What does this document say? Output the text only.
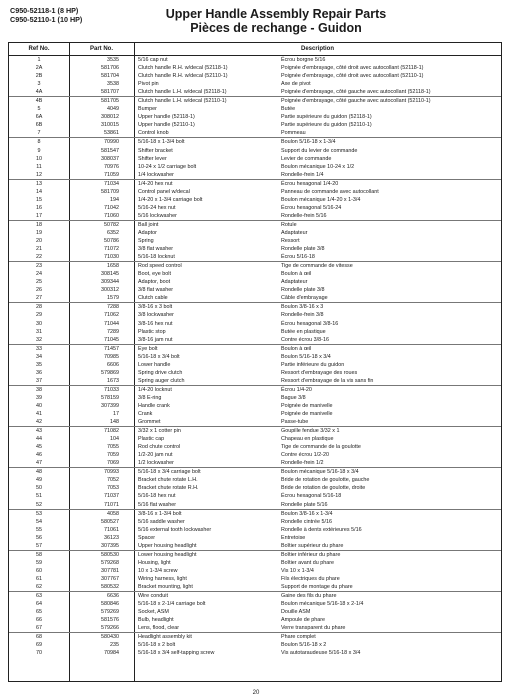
C950-52118-1 (8 HP)
C950-52110-1 (10 HP)	Upper Handle Assembly Repair Parts
Pièces de rechange - Guidon
Ref No.	Part No.	Description
1	3535	5/16 cap nut	Écrou borgne 5/16
2A	581706	Clutch handle R.H. w/decal (52118-1)	Poignée d'embrayage, côté droit avec autocollant (52118-1)
2B	581704	Clutch handle R.H. w/decal (52110-1)	Poignée d'embrayage, côté droit avec autocollant (52110-1)
3	3538	Pivot pin	Axe de pivot
4A	581707	Clutch handle L.H. w/decal (52118-1)	Poignée d'embrayage, côté gauche avec autocollant (52118-1)
4B	581705	Clutch handle L.H. w/decal (52110-1)	Poignée d'embrayage, côté gauche avec autocollant (52110-1)
5	4049	Bumper	Butée
6A	308012	Upper handle (52118-1)	Partie supérieure du guidon (52118-1)
6B	310015	Upper handle (52110-1)	Partie supérieure du guidon (52110-1)
7	53861	Control knob	Pommeau
8	70990	5/16-18 x 1-3/4 bolt	Boulon 5/16-18 x 1-3/4
9	581547	Shifter bracket	Support du levier de commande
10	308037	Shifter lever	Levier de commande
11	70976	10-24 x 1/2 carriage bolt	Boulon mécanique 10-24 x 1/2
12	71059	1/4 lockwasher	Rondelle-frein 1/4
13	71034	1/4-20 hex nut	Écrou hexagonal 1/4-20
14	581709	Control panel w/decal	Panneau de commande avec autocollant
15	194	1/4-20 x 1-3/4 carriage bolt	Boulon mécanique 1/4-20 x 1-3/4
16	71042	5/16-24 hex nut	Écrou hexagonal 5/16-24
17	71060	5/16 lockwasher	Rondelle-frein 5/16
18	50782	Ball joint	Rotule
19	6352	Adaptor	Adaptateur
20	50786	Spring	Ressort
21	71072	3/8 flat washer	Rondelle plate 3/8
22	71030	5/16-18 locknut	Écrou 5/16-18
23	1658	Rod speed control	Tige de commande de vitesse
24	308145	Boot, eye bolt	Boulon à œil
25	309344	Adaptor, boot	Adaptateur
26	300312	3/8 flat washer	Rondelle plate 3/8
27	1579	Clutch cable	Câble d'embrayage
28	7288	3/8-16 x 3 bolt	Boulon 3/8-16 x 3
29	71062	3/8 lockwasher	Rondelle-frein 3/8
30	71044	3/8-16 hex nut	Écrou hexagonal 3/8-16
31	7289	Plastic stop	Butée en plastique
32	71045	3/8-16 jam nut	Contre écrou 3/8-16
33	71457	Eye bolt	Boulon à œil
34	70985	5/16-18 x 3/4 bolt	Boulon 5/16-18 x 3/4
35	6606	Lower handle	Partie inférieure du guidon
36	579869	Spring drive clutch	Ressort d'embrayage des roues
37	1673	Spring auger clutch	Ressort d'embrayage de la vis sans fin
38	71033	1/4-20 locknut	Écrou 1/4-20
39	578159	3/8 E-ring	Bague 3/8
40	307399	Handle crank	Poignée de manivelle
41	17	Crank	Poignée de manivelle
42	148	Grommet	Passe-tube
43	71082	3/32 x 1 cotter pin	Goupille fendue 3/32 x 1
44	104	Plastic cap	Chapeau en plastique
45	7055	Rod chute control	Tige de commande de la goulotte
46	7059	1/2-20 jam nut	Contre écrou 1/2-20
47	7069	1/2 lockwasher	Rondelle-frein 1/2
48	70993	5/16-18 x 3/4 carriage bolt	Boulon mécanique 5/16-18 x 3/4
49	7052	Bracket chute rotate L.H.	Bride de rotation de goulotte, gauche
50	7053	Bracket chute rotate R.H.	Bride de rotation de goulotte, droite
51	71037	5/16-18 hex nut	Écrou hexagonal 5/16-18
52	71071	5/16 flat washer	Rondelle plate 5/16
53	4058	3/8-16 x 1-3/4 bolt	Boulon 3/8-16 x 1-3/4
54	580527	5/16 saddle washer	Rondelle cintrée 5/16
55	71061	5/16 external tooth lockwasher	Rondelle à dents extérieures 5/16
56	36123	Spacer	Entretoise
57	307395	Upper housing headlight	Boîtier supérieur du phare
58	580530	Lower housing headlight	Boîtier inférieur du phare
59	579268	Housing, light	Boîtier avant du phare
60	307781	10 x 1-3/4 screw	Vis 10 x 1-3/4
61	307767	Wiring harness, light	Fils électriques du phare
62	580532	Bracket mounting, light	Support de montage du phare
63	6636	Wire conduit	Gaine des fils du phare
64	580846	5/16-18 x 2-1/4 carriage bolt	Boulon mécanique 5/16-18 x 2-1/4
65	579269	Socket, ASM	Douille ASM
66	581576	Bulb, headlight	Ampoule de phare
67	579266	Lens, flood, clear	Verre transparent du phare
68	580430	Headlight assembly kit	Phare complet
69	235	5/16-18 x 2 bolt	Boulon 5/16-18 x 2
70	70984	5/16-18 x 3/4 self-tapping screw	Vis autotaraudeuse 5/16-18 x 3/4
20
